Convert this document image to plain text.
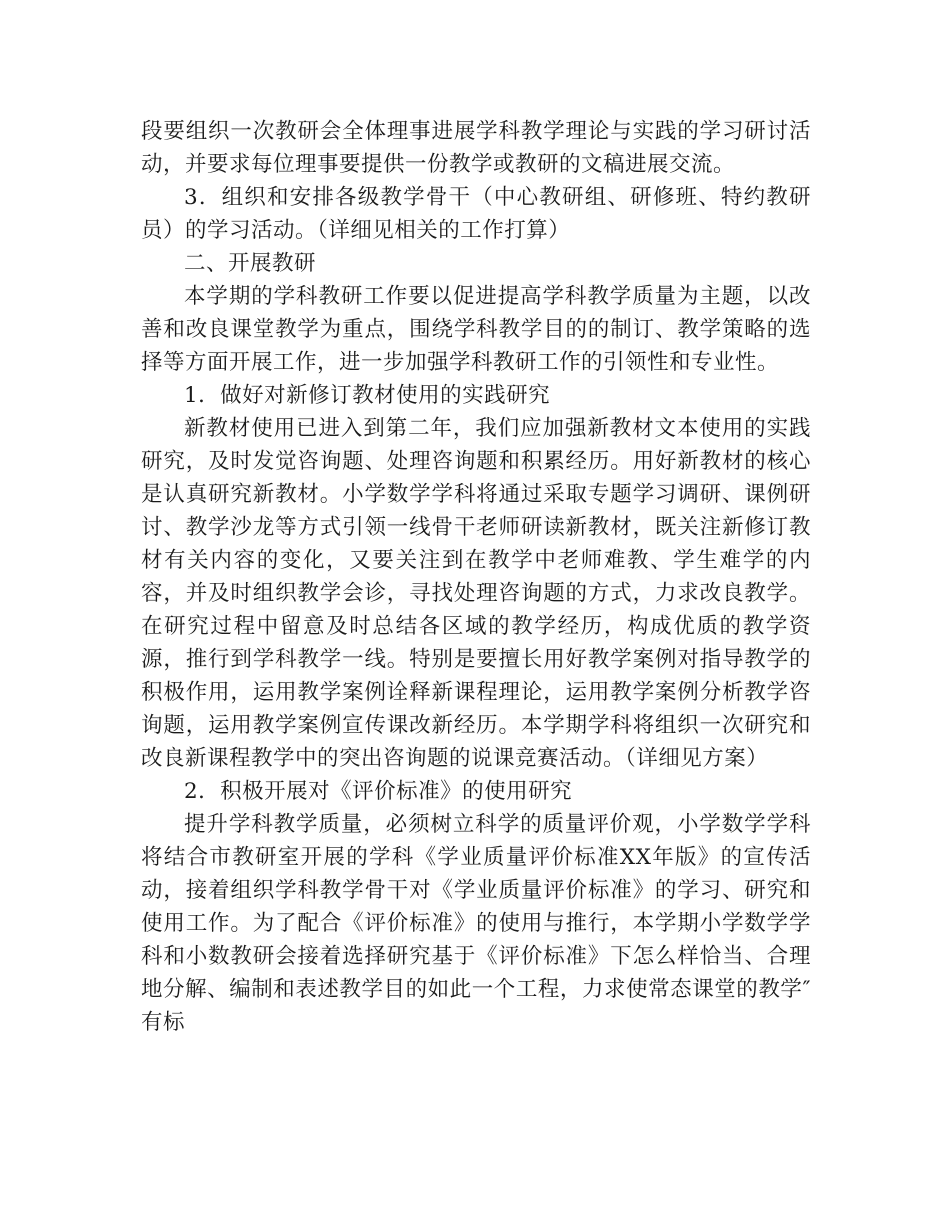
段要组织一次教研会全体理事进展学科教学理论与实践的学习研讨活动，并要求每位理事要提供一份教学或教研的文稿进展交流。

3．组织和安排各级教学骨干（中心教研组、研修班、特约教研员）的学习活动。（详细见相关的工作打算）

二、开展教研

本学期的学科教研工作要以促进提高学科教学质量为主题，以改善和改良课堂教学为重点，围绕学科教学目的的制订、教学策略的选择等方面开展工作，进一步加强学科教研工作的引领性和专业性。

1．做好对新修订教材使用的实践研究

新教材使用已进入到第二年，我们应加强新教材文本使用的实践研究，及时发觉咨询题、处理咨询题和积累经历。用好新教材的核心是认真研究新教材。小学数学学科将通过采取专题学习调研、课例研讨、教学沙龙等方式引领一线骨干老师研读新教材，既关注新修订教材有关内容的变化，又要关注到在教学中老师难教、学生难学的内容，并及时组织教学会诊，寻找处理咨询题的方式，力求改良教学。在研究过程中留意及时总结各区域的教学经历，构成优质的教学资源，推行到学科教学一线。特别是要擅长用好教学案例对指导教学的积极作用，运用教学案例诠释新课程理论，运用教学案例分析教学咨询题，运用教学案例宣传课改新经历。本学期学科将组织一次研究和改良新课程教学中的突出咨询题的说课竞赛活动。（详细见方案）

2．积极开展对《评价标准》的使用研究

提升学科教学质量，必须树立科学的质量评价观，小学数学学科将结合市教研室开展的学科《学业质量评价标准XX年版》的宣传活动，接着组织学科教学骨干对《学业质量评价标准》的学习、研究和使用工作。为了配合《评价标准》的使用与推行，本学期小学数学学科和小数教研会接着选择研究基于《评价标准》下怎么样恰当、合理地分解、编制和表述教学目的如此一个工程，力求使常态课堂的教学″有标
